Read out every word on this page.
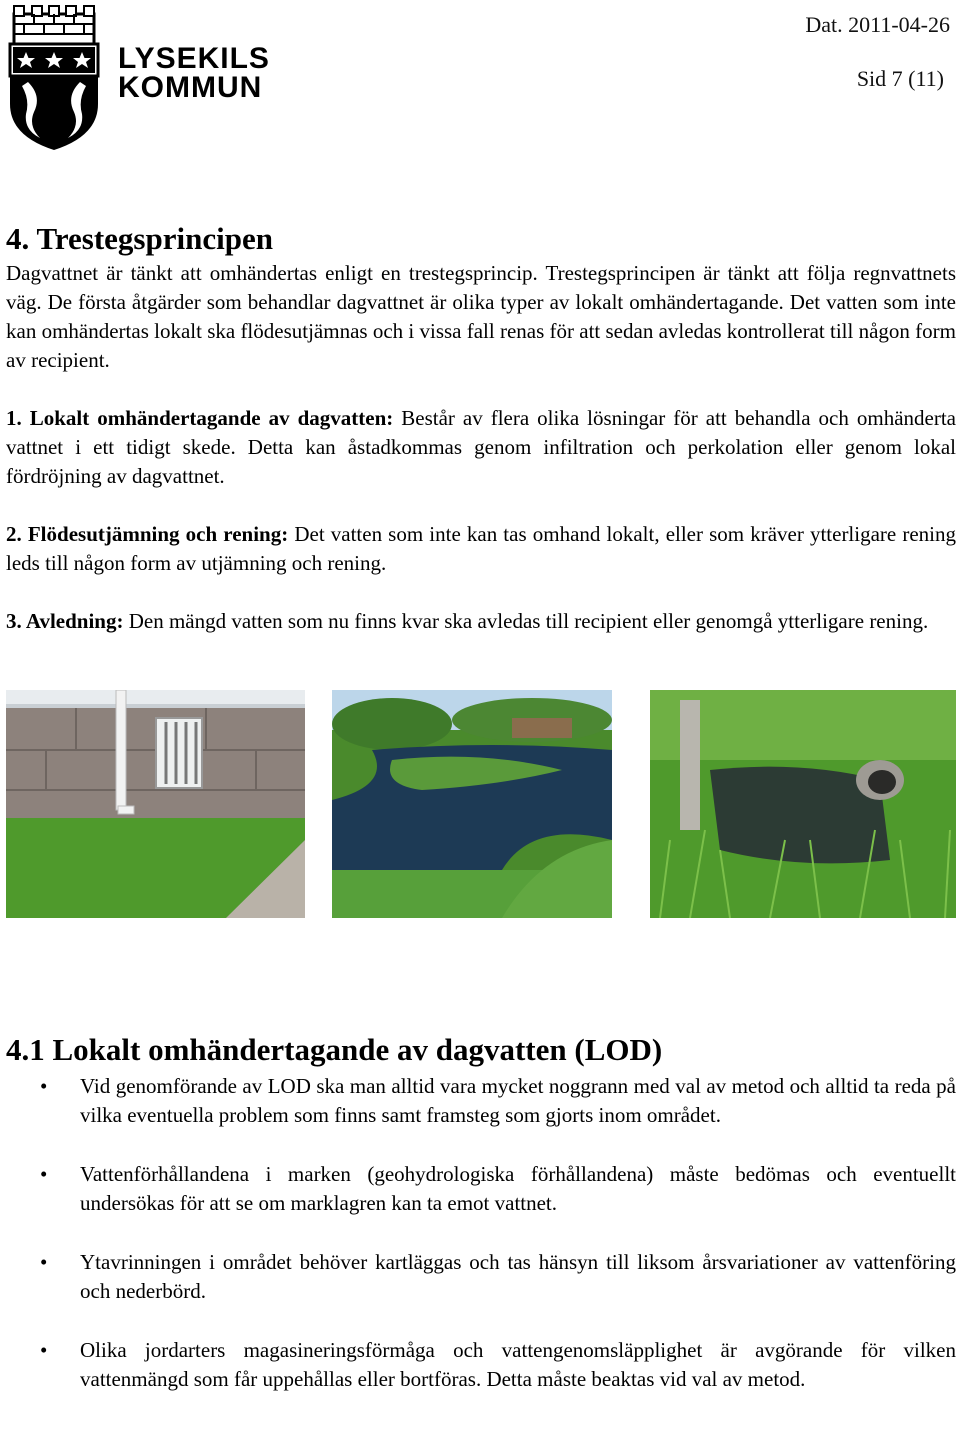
LYSEKILS
KOMMUN
Dat. 2011-04-26
Sid 7 (11)
4. Trestegsprincipen

Dagvattnet är tänkt att omhändertas enligt en trestegsprincip. Trestegsprincipen är tänkt att följa regnvattnets väg. De första åtgärder som behandlar dagvattnet är olika typer av lokalt omhändertagande. Det vatten som inte kan omhändertas lokalt ska flödesutjämnas och i vissa fall renas för att sedan avledas kontrollerat till någon form av recipient.

1. Lokalt omhändertagande av dagvatten: Består av flera olika lösningar för att behandla och omhänderta vattnet i ett tidigt skede. Detta kan åstadkommas genom infiltration och perkolation eller genom lokal fördröjning av dagvattnet.

2. Flödesutjämning och rening: Det vatten som inte kan tas omhand lokalt, eller som kräver ytterligare rening leds till någon form av utjämning och rening.

3. Avledning: Den mängd vatten som nu finns kvar ska avledas till recipient eller genomgå ytterligare rening.

4.1 Lokalt omhändertagande av dagvatten (LOD)
• Vid genomförande av LOD ska man alltid vara mycket noggrann med val av metod och alltid ta reda på vilka eventuella problem som finns samt framsteg som gjorts inom området.
• Vattenförhållandena i marken (geohydrologiska förhållandena) måste bedömas och eventuellt undersökas för att se om marklagren kan ta emot vattnet.
• Ytavrinningen i området behöver kartläggas och tas hänsyn till liksom årsvariationer av vattenföring och nederbörd.
• Olika jordarters magasineringsförmåga och vattengenomsläpplighet är avgörande för vilken vattenmängd som får uppehållas eller bortföras. Detta måste beaktas vid val av metod.
